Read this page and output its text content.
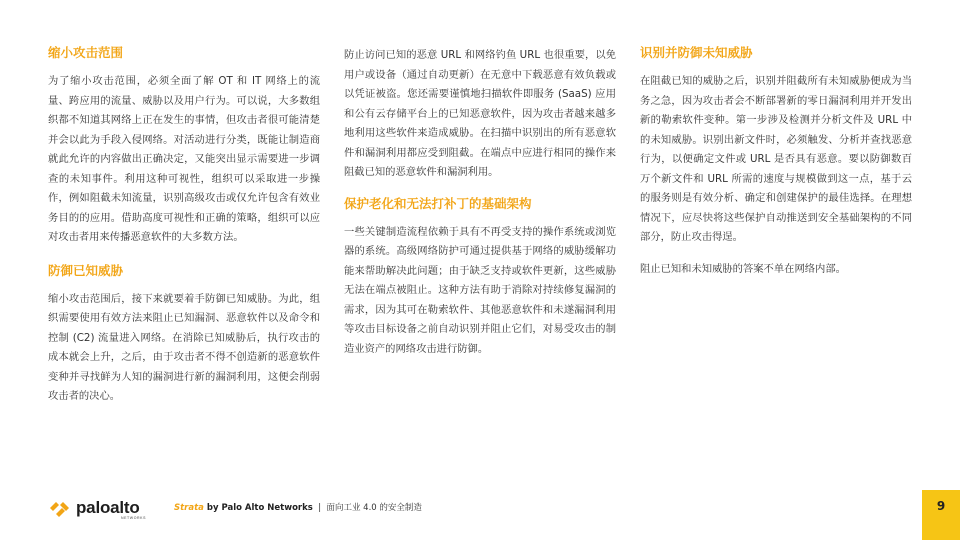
缩小攻击范围

为了缩小攻击范围，必须全面了解 OT 和 IT 网络上的流量、跨应用的流量、威胁以及用户行为。可以说，大多数组织都不知道其网络上正在发生的事情，但攻击者很可能清楚并会以此为手段入侵网络。对活动进行分类，既能让制造商就此允许的内容做出正确决定，又能突出显示需要进一步调查的未知事件。利用这种可视性，组织可以采取进一步操作，例如阻截未知流量，识别高级攻击或仅允许包含有效业务目的的应用。借助高度可视性和正确的策略，组织可以应对攻击者用来传播恶意软件的大多数方法。

防御已知威胁

缩小攻击范围后，接下来就要着手防御已知威胁。为此，组织需要使用有效方法来阻止已知漏洞、恶意软件以及命令和控制 (C2) 流量进入网络。在消除已知威胁后，执行攻击的成本就会上升，之后，由于攻击者不得不创造新的恶意软件变种并寻找鲜为人知的漏洞进行新的漏洞利用，这便会削弱攻击者的决心。

防止访问已知的恶意 URL 和网络钓鱼 URL 也很重要，以免用户或设备（通过自动更新）在无意中下载恶意有效负载或以凭证被盗。您还需要谨慎地扫描软件即服务 (SaaS) 应用和公有云存储平台上的已知恶意软件，因为攻击者越来越多地利用这些软件来造成威胁。在扫描中识别出的所有恶意软件和漏洞利用都应受到阻截。在端点中应进行相同的操作来阻截已知的恶意软件和漏洞利用。

保护老化和无法打补丁的基础架构

一些关键制造流程依赖于具有不再受支持的操作系统或浏览器的系统。高级网络防护可通过提供基于网络的威胁缓解功能来帮助解决此问题；由于缺乏支持或软件更新，这些威胁无法在端点被阻止。这种方法有助于消除对持续修复漏洞的需求，因为其可在勒索软件、其他恶意软件和未遂漏洞利用等攻击目标设备之前自动识别并阻止它们，对易受攻击的制造业资产的网络攻击进行防御。

识别并防御未知威胁

在阻截已知的威胁之后，识别并阻截所有未知威胁便成为当务之急，因为攻击者会不断部署新的零日漏洞利用并开发出新的勒索软件变种。第一步涉及检测并分析文件及 URL 中的未知威胁。识别出新文件时，必须触发、分析并查找恶意行为，以便确定文件或 URL 是否具有恶意。要以防御数百万个新文件和 URL 所需的速度与规模做到这一点，基于云的服务则是有效分析、确定和创建保护的最佳选择。在理想情况下，应尽快将这些保护自动推送到安全基础架构的不同部分，防止攻击得逞。

阻止已知和未知威胁的答案不单在网络内部。

paloalto
NETWORKS
Strata by Palo Alto Networks  |  面向工业 4.0 的安全制造	9
